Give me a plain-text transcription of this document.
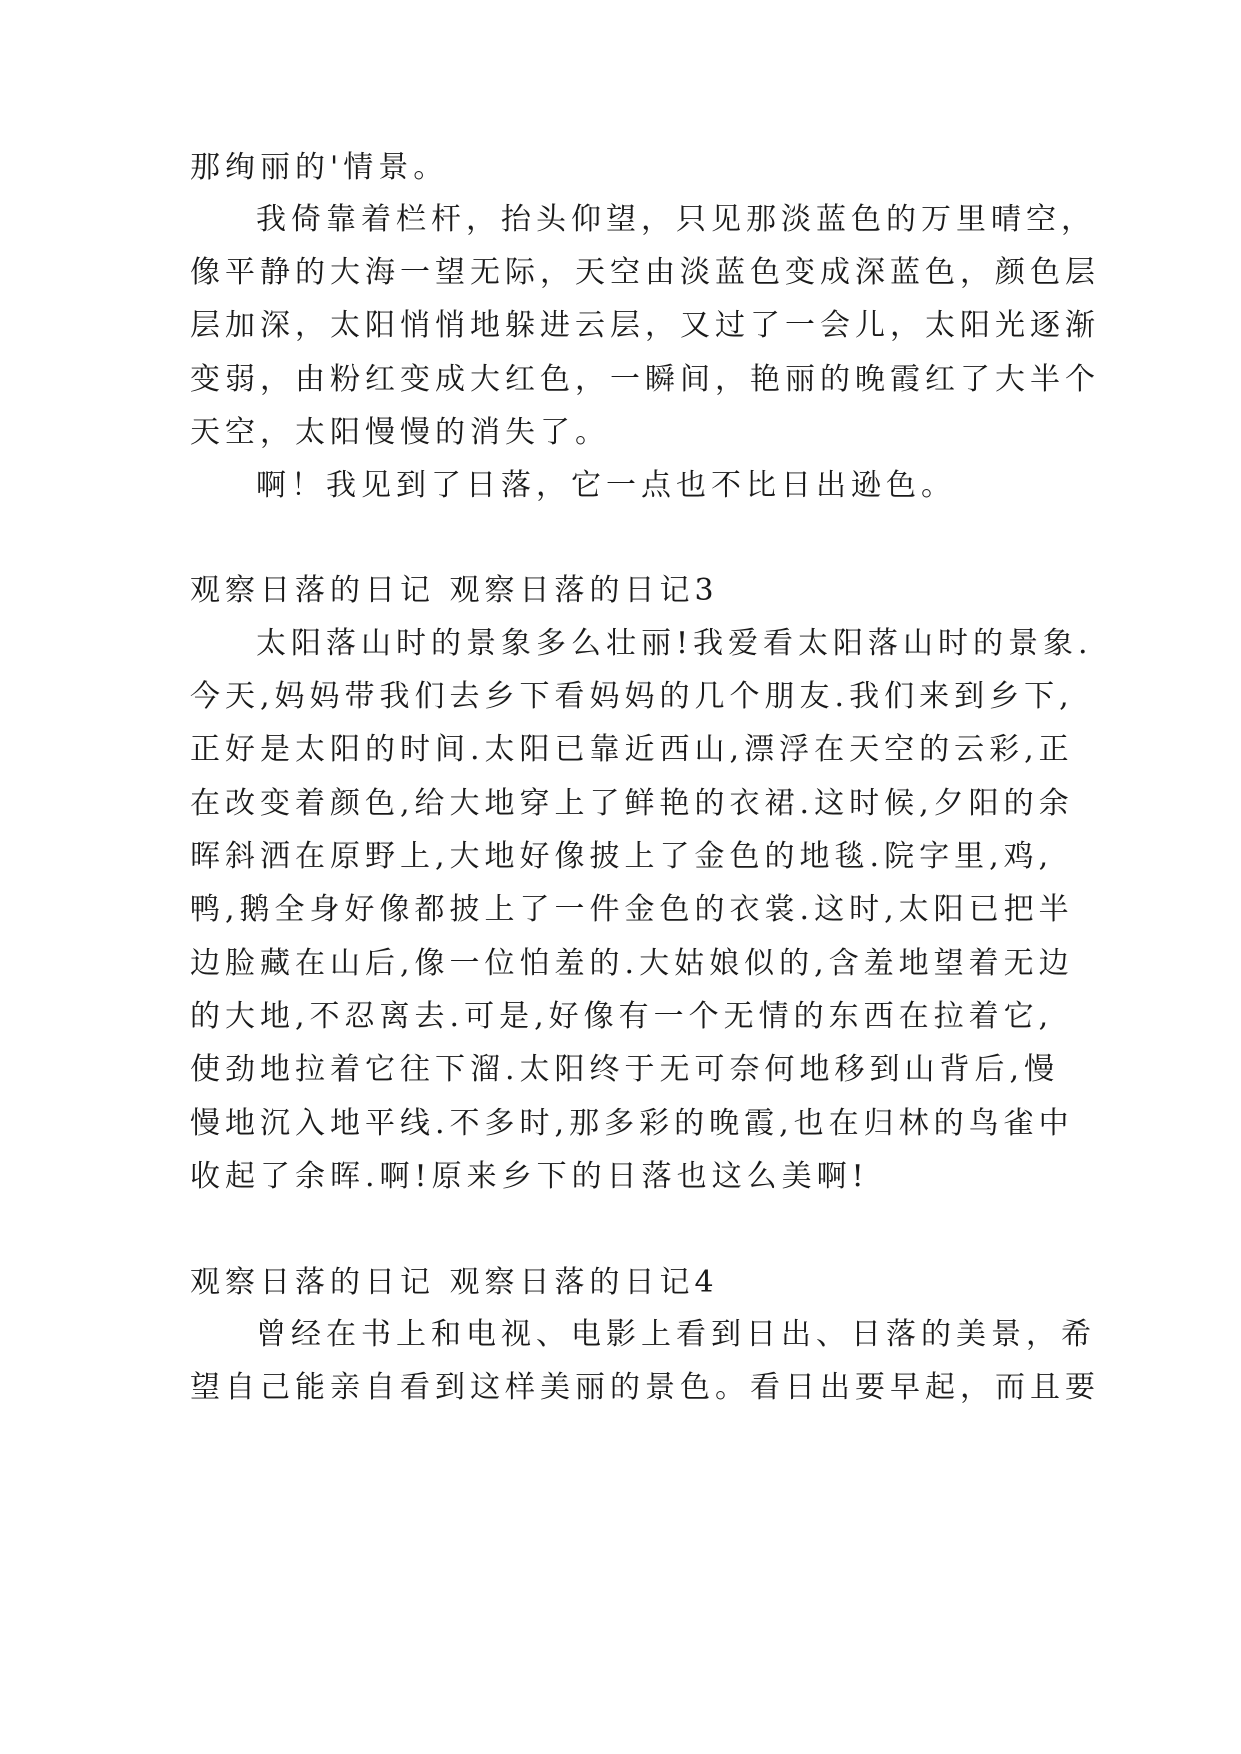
那绚丽的'情景。
我倚靠着栏杆，抬头仰望，只见那淡蓝色的万里晴空，
像平静的大海一望无际，天空由淡蓝色变成深蓝色，颜色层
层加深，太阳悄悄地躲进云层，又过了一会儿，太阳光逐渐
变弱，由粉红变成大红色，一瞬间，艳丽的晚霞红了大半个
天空，太阳慢慢的消失了。
啊！我见到了日落，它一点也不比日出逊色。
观察日落的日记 观察日落的日记3
太阳落山时的景象多么壮丽!我爱看太阳落山时的景象.
今天,妈妈带我们去乡下看妈妈的几个朋友.我们来到乡下,
正好是太阳的时间.太阳已靠近西山,漂浮在天空的云彩,正
在改变着颜色,给大地穿上了鲜艳的衣裙.这时候,夕阳的余
晖斜洒在原野上,大地好像披上了金色的地毯.院字里,鸡,
鸭,鹅全身好像都披上了一件金色的衣裳.这时,太阳已把半
边脸藏在山后,像一位怕羞的.大姑娘似的,含羞地望着无边
的大地,不忍离去.可是,好像有一个无情的东西在拉着它,
使劲地拉着它往下溜.太阳终于无可奈何地移到山背后,慢
慢地沉入地平线.不多时,那多彩的晚霞,也在归林的鸟雀中
收起了余晖.啊!原来乡下的日落也这么美啊!
观察日落的日记 观察日落的日记4
曾经在书上和电视、电影上看到日出、日落的美景，希
望自己能亲自看到这样美丽的景色。看日出要早起，而且要
